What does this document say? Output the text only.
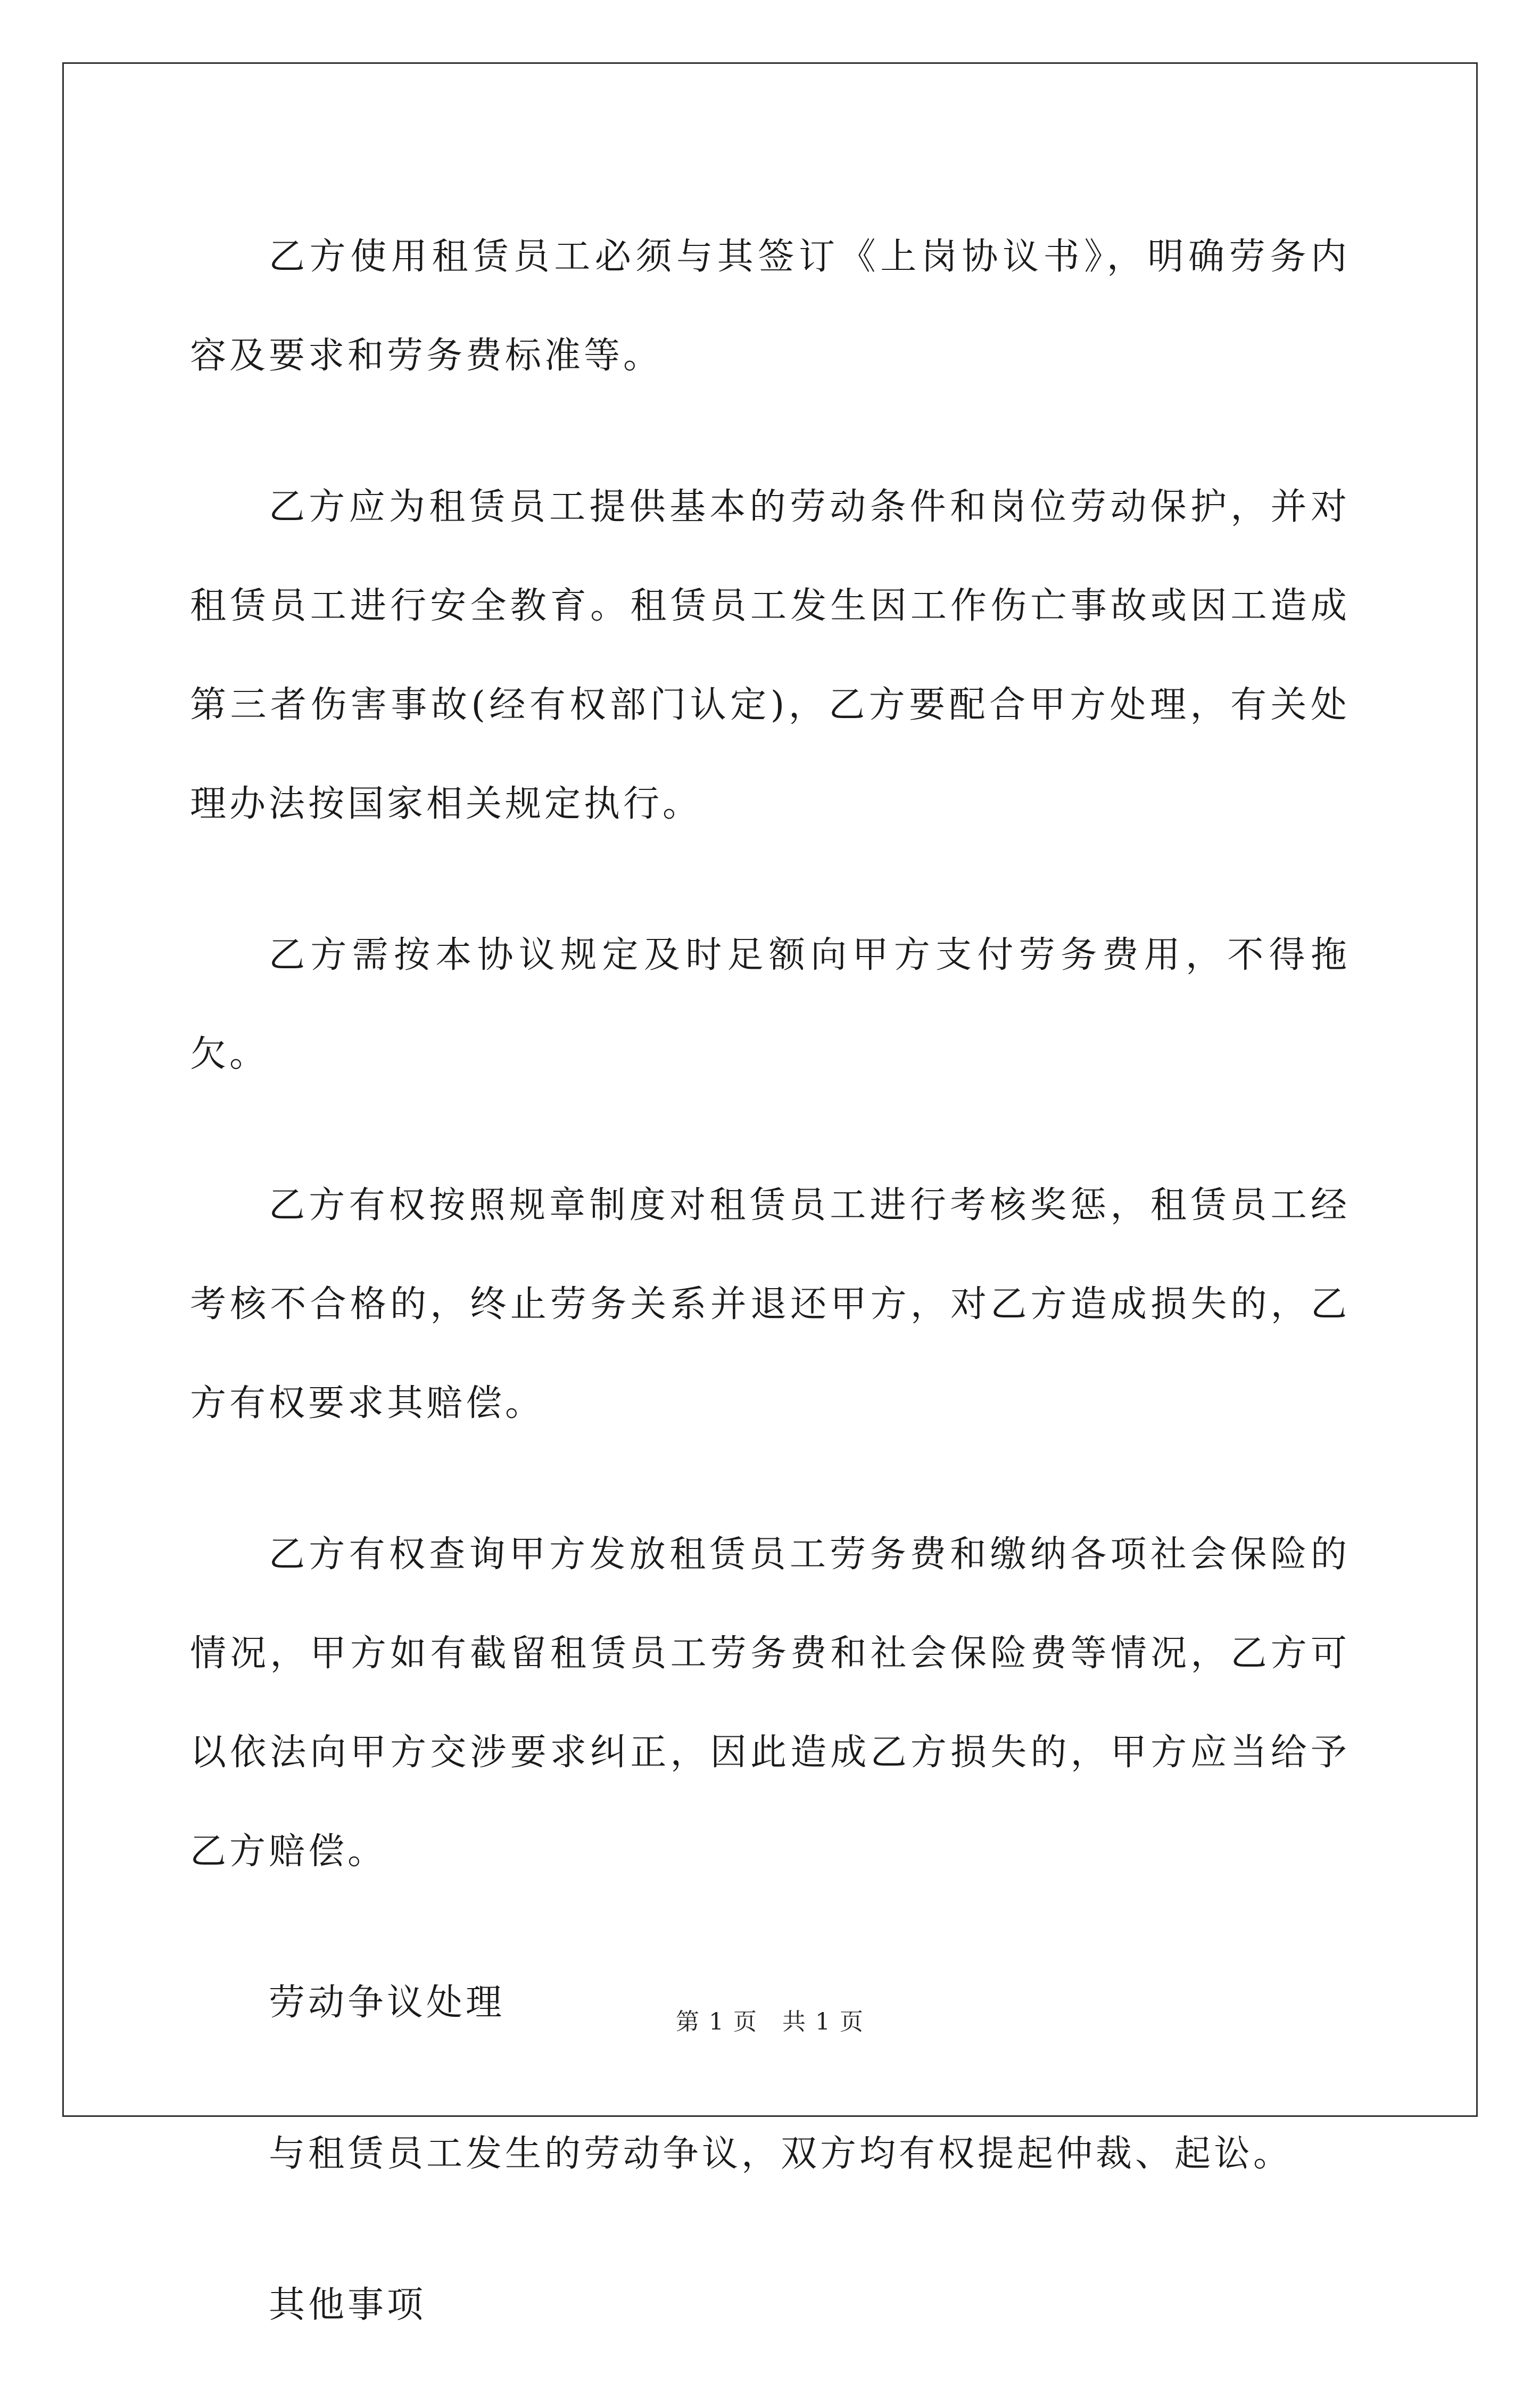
乙方使用租赁员工必须与其签订《上岗协议书》，明确劳务内容及要求和劳务费标准等。

乙方应为租赁员工提供基本的劳动条件和岗位劳动保护，并对租赁员工进行安全教育。租赁员工发生因工作伤亡事故或因工造成第三者伤害事故(经有权部门认定)，乙方要配合甲方处理，有关处理办法按国家相关规定执行。

乙方需按本协议规定及时足额向甲方支付劳务费用，不得拖欠。

乙方有权按照规章制度对租赁员工进行考核奖惩，租赁员工经考核不合格的，终止劳务关系并退还甲方，对乙方造成损失的，乙方有权要求其赔偿。

乙方有权查询甲方发放租赁员工劳务费和缴纳各项社会保险的情况，甲方如有截留租赁员工劳务费和社会保险费等情况，乙方可以依法向甲方交涉要求纠正，因此造成乙方损失的，甲方应当给予乙方赔偿。

劳动争议处理

与租赁员工发生的劳动争议，双方均有权提起仲裁、起讼。

其他事项

第 1 页　共 1 页
